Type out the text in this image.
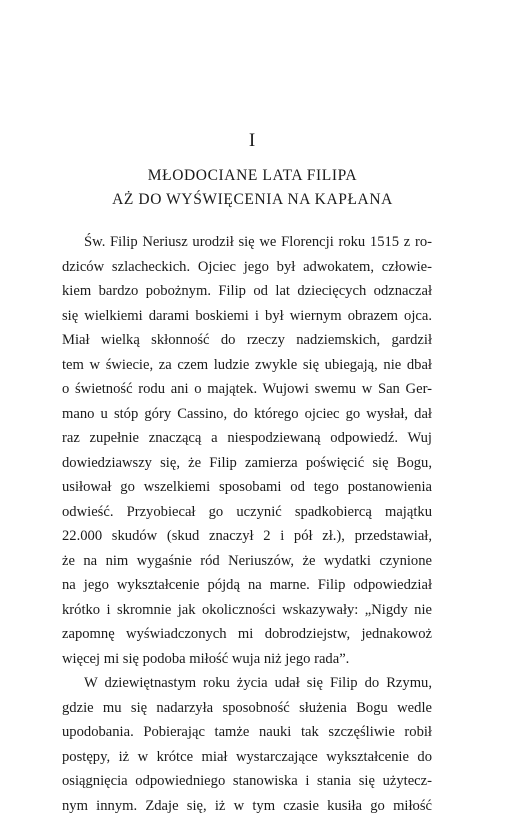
I
MŁODOCIANE LATA FILIPA
AŻ DO WYŚWIĘCENIA NA KAPŁANA
Św. Filip Neriusz urodził się we Florencji roku 1515 z ro-
dziców szlacheckich. Ojciec jego był adwokatem, człowie-
kiem bardzo pobożnym. Filip od lat dziecięcych odznaczał
się wielkiemi darami boskiemi i był wiernym obrazem ojca.
Miał wielką skłonność do rzeczy nadziemskich, gardził
tem w świecie, za czem ludzie zwykle się ubiegają, nie dbał
o świetność rodu ani o majątek. Wujowi swemu w San Ger-
mano u stóp góry Cassino, do którego ojciec go wysłał, dał
raz zupełnie znaczącą a niespodziewaną odpowiedź. Wuj
dowiedziawszy się, że Filip zamierza poświęcić się Bogu,
usiłował go wszelkiemi sposobami od tego postanowienia
odwieść. Przyobiecał go uczynić spadkobiercą majątku
22.000 skudów (skud znaczył 2 i pół zł.), przedstawiał,
że na nim wygaśnie ród Neriuszów, że wydatki czynione
na jego wykształcenie pójdą na marne. Filip odpowiedział
krótko i skromnie jak okoliczności wskazywały: „Nigdy nie
zapomnę wyświadczonych mi dobrodziejstw, jednakowoż
więcej mi się podoba miłość wuja niż jego rada”.
W dziewiętnastym roku życia udał się Filip do Rzymu,
gdzie mu się nadarzyła sposobność służenia Bogu wedle
upodobania. Pobierając tamże nauki tak szczęśliwie robił
postępy, iż w krótce miał wystarczające wykształcenie do
osiągnięcia odpowiedniego stanowiska i stania się użytecz-
nym innym. Zdaje się, iż w tym czasie kusiła go miłość
